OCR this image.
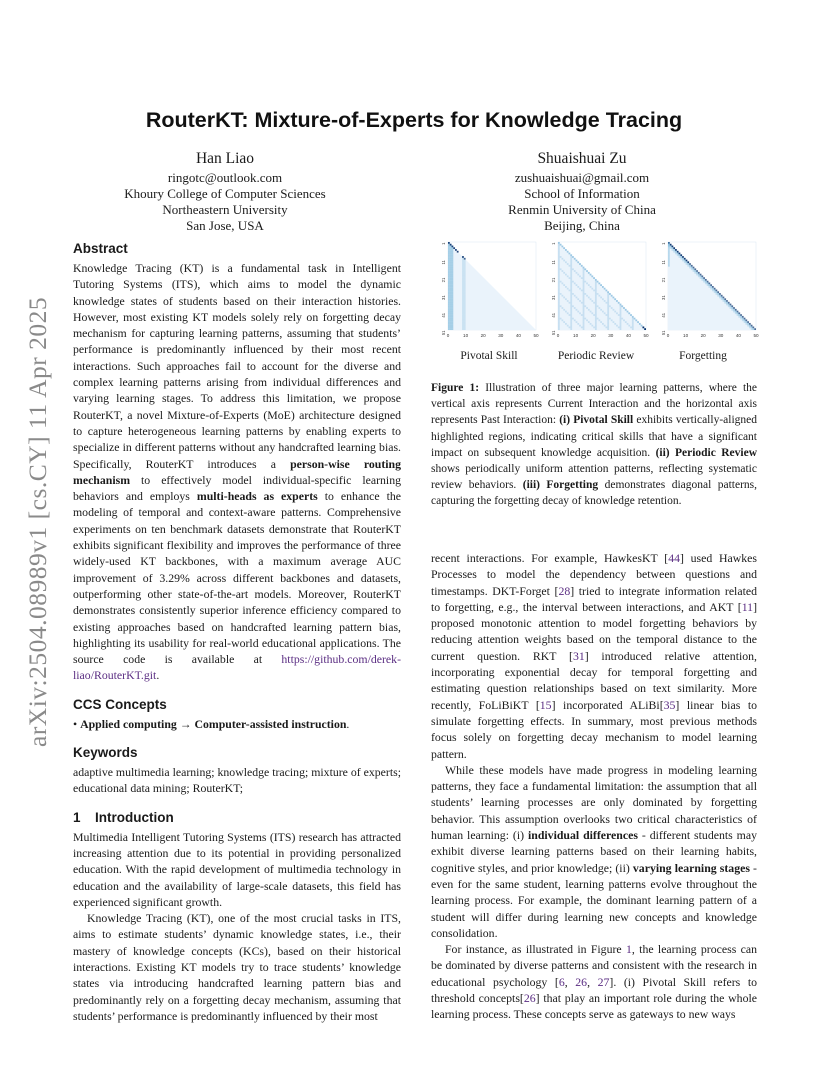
arXiv:2504.08989v1 [cs.CY] 11 Apr 2025
RouterKT: Mixture-of-Experts for Knowledge Tracing
Han Liao
ringotc@outlook.com
Khoury College of Computer Sciences
Northeastern University
San Jose, USA
Shuaishuai Zu
zushuaishuai@gmail.com
School of Information
Renmin University of China
Beijing, China
Abstract

Knowledge Tracing (KT) is a fundamental task in Intelligent Tutoring Systems (ITS), which aims to model the dynamic knowledge states of students based on their interaction histories. However, most existing KT models solely rely on forgetting decay mechanism for capturing learning patterns, assuming that students’ performance is predominantly influenced by their most recent interactions. Such approaches fail to account for the diverse and complex learning patterns arising from individual differences and varying learning stages. To address this limitation, we propose RouterKT, a novel Mixture-of-Experts (MoE) architecture designed to capture heterogeneous learning patterns by enabling experts to specialize in different patterns without any handcrafted learning bias. Specifically, RouterKT introduces a person-wise routing mechanism to effectively model individual-specific learning behaviors and employs multi-heads as experts to enhance the modeling of temporal and context-aware patterns. Comprehensive experiments on ten benchmark datasets demonstrate that RouterKT exhibits significant flexibility and improves the performance of three widely-used KT backbones, with a maximum average AUC improvement of 3.29% across different backbones and datasets, outperforming other state-of-the-art models. Moreover, RouterKT demonstrates consistently superior inference efficiency compared to existing approaches based on handcrafted learning pattern bias, highlighting its usability for real-world educational applications. The source code is available at https://github.com/derek-liao/RouterKT.git.

CCS Concepts

• Applied computing → Computer-assisted instruction.

Keywords

adaptive multimedia learning; knowledge tracing; mixture of experts; educational data mining; RouterKT;

1 Introduction

Multimedia Intelligent Tutoring Systems (ITS) research has attracted increasing attention due to its potential in providing personalized education. With the rapid development of multimedia technology in education and the availability of large-scale datasets, this field has experienced significant growth.

Knowledge Tracing (KT), one of the most crucial tasks in ITS, aims to estimate students’ dynamic knowledge states, i.e., their mastery of knowledge concepts (KCs), based on their historical interactions. Existing KT models try to trace students’ knowledge states via introducing handcrafted learning pattern bias and predominantly rely on a forgetting decay mechanism, assuming that students’ performance is predominantly influenced by their most

0	10	20	30	40	50
1
11
21
31
41
51
0	10	20	30	40	50
1
11
21
31
41
51
0	10	20	30	40	50
1
11
21
31
41
51
Pivotal Skill	Periodic Review	Forgetting
Figure 1: Illustration of three major learning patterns, where the vertical axis represents Current Interaction and the horizontal axis represents Past Interaction: (i) Pivotal Skill exhibits vertically-aligned highlighted regions, indicating critical skills that have a significant impact on subsequent knowledge acquisition. (ii) Periodic Review shows periodically uniform attention patterns, reflecting systematic review behaviors. (iii) Forgetting demonstrates diagonal patterns, capturing the forgetting decay of knowledge retention.

recent interactions. For example, HawkesKT [44] used Hawkes Processes to model the dependency between questions and timestamps. DKT-Forget [28] tried to integrate information related to forgetting, e.g., the interval between interactions, and AKT [11] proposed monotonic attention to model forgetting behaviors by reducing attention weights based on the temporal distance to the current question. RKT [31] introduced relative attention, incorporating exponential decay for temporal forgetting and estimating question relationships based on text similarity. More recently, FoLiBiKT [15] incorporated ALiBi[35] linear bias to simulate forgetting effects. In summary, most previous methods focus solely on forgetting decay mechanism to model learning pattern.

While these models have made progress in modeling learning patterns, they face a fundamental limitation: the assumption that all students’ learning processes are only dominated by forgetting behavior. This assumption overlooks two critical characteristics of human learning: (i) individual differences - different students may exhibit diverse learning patterns based on their learning habits, cognitive styles, and prior knowledge; (ii) varying learning stages - even for the same student, learning patterns evolve throughout the learning process. For example, the dominant learning pattern of a student will differ during learning new concepts and knowledge consolidation.

For instance, as illustrated in Figure 1, the learning process can be dominated by diverse patterns and consistent with the research in educational psychology [6, 26, 27]. (i) Pivotal Skill refers to threshold concepts[26] that play an important role during the whole learning process. These concepts serve as gateways to new ways
